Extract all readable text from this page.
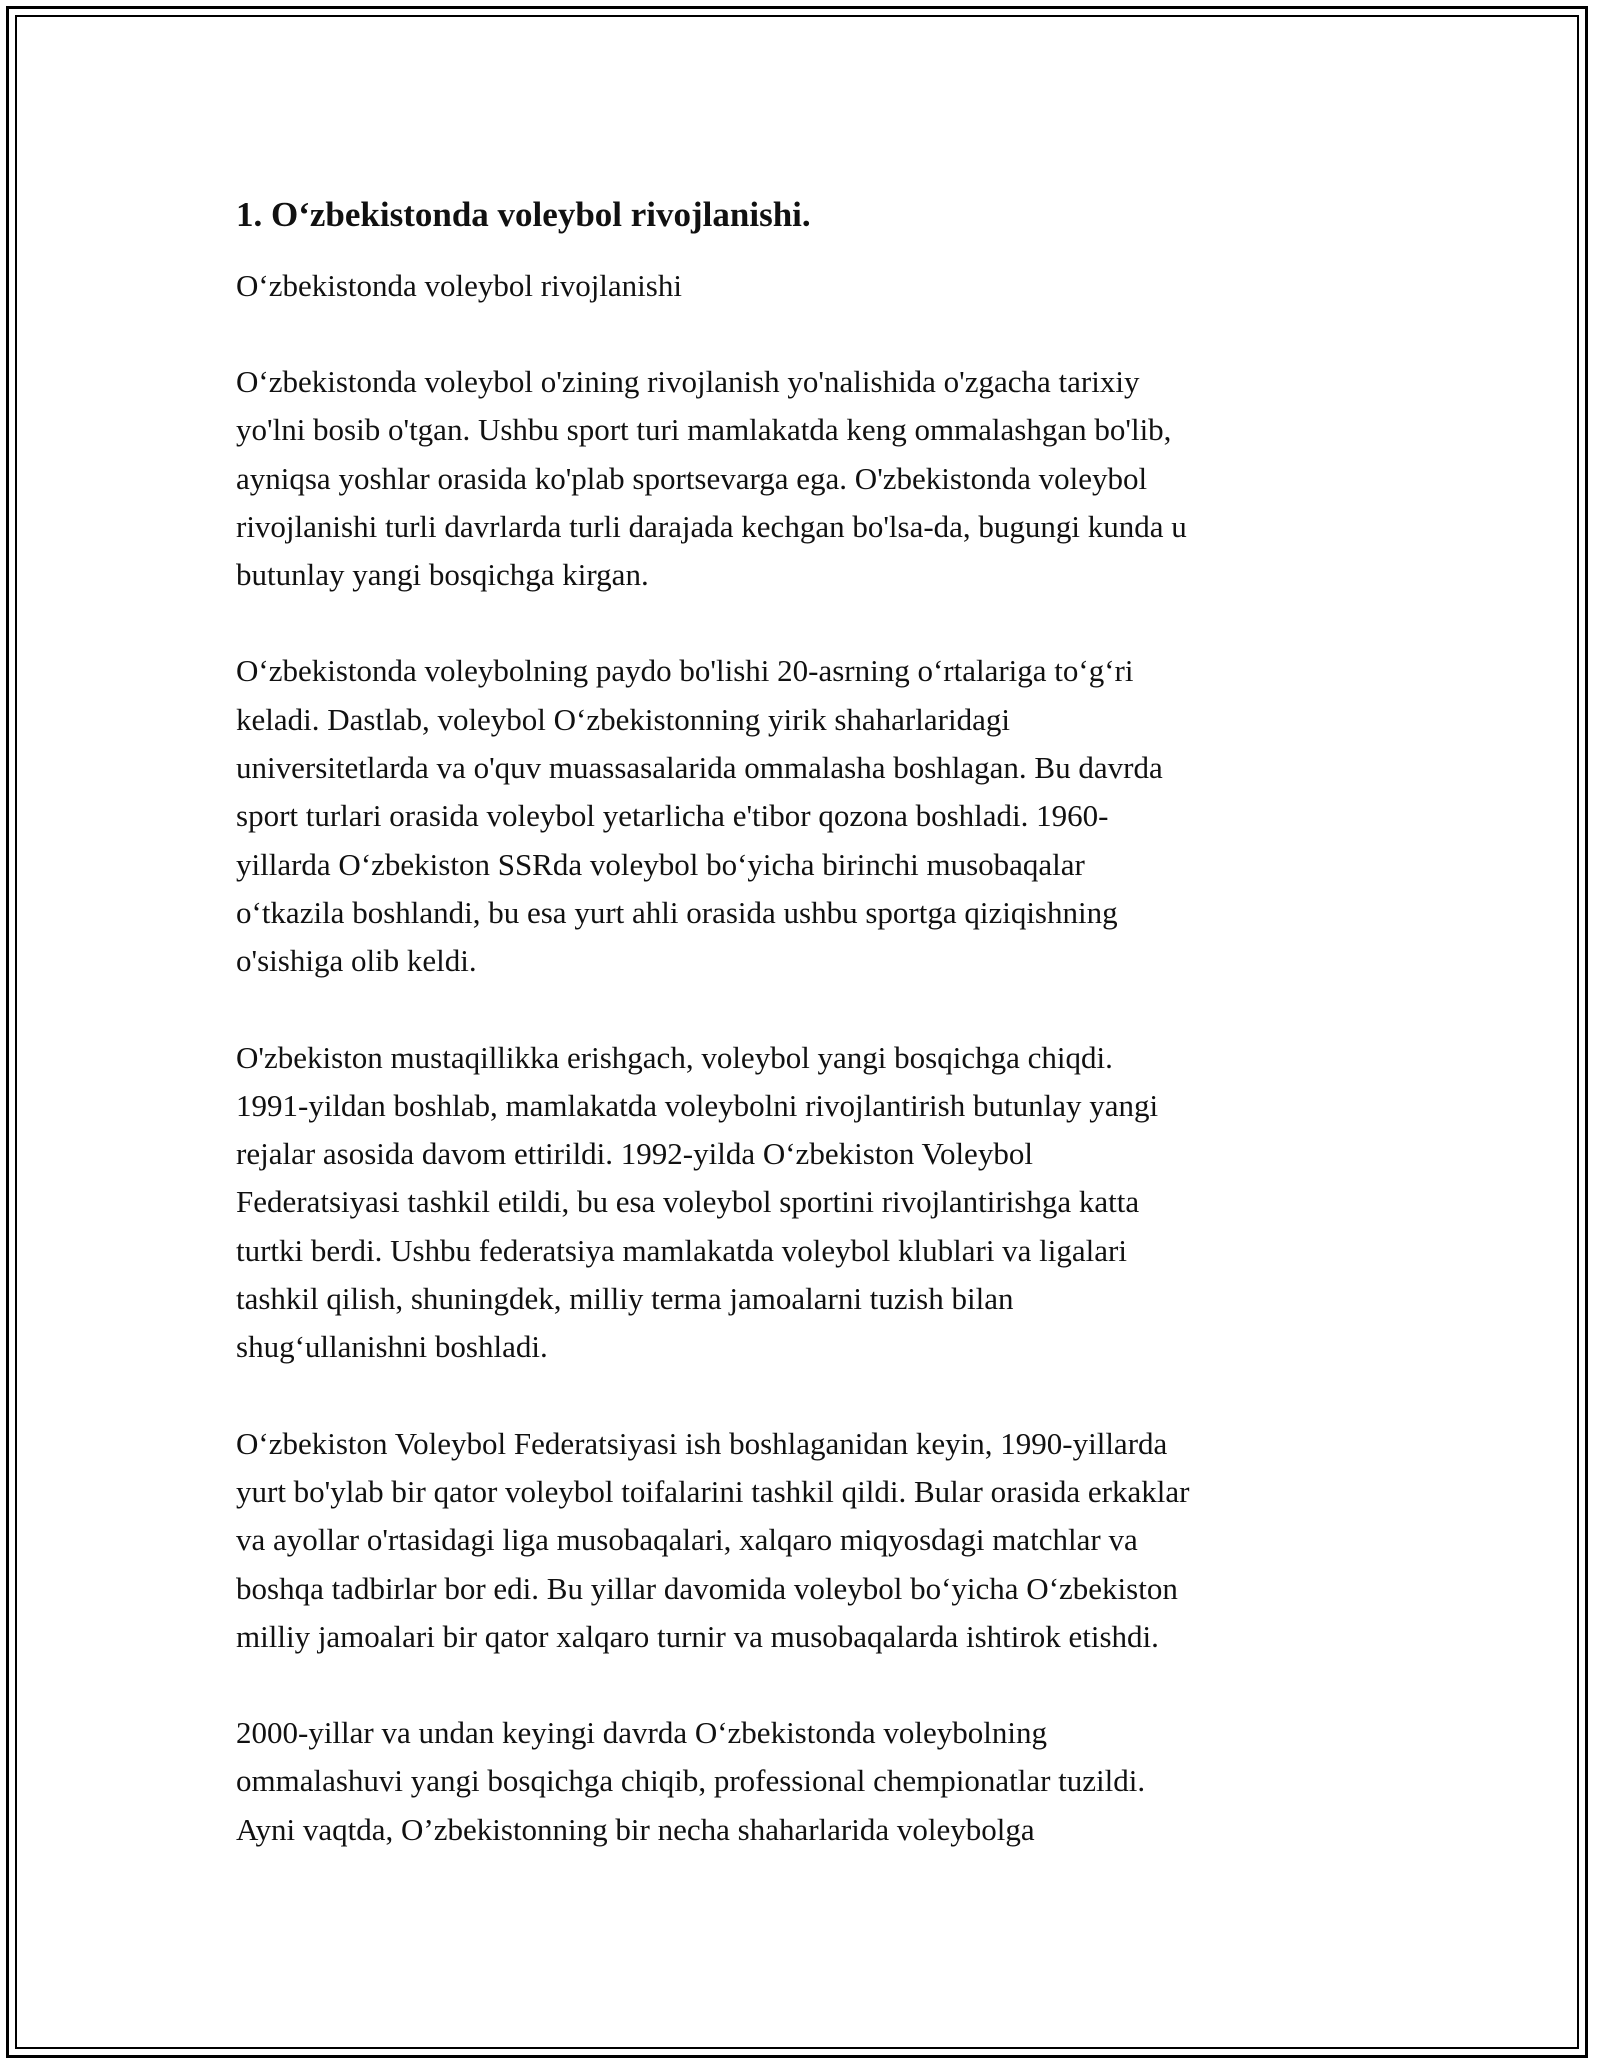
1. O‘zbekistonda voleybol rivojlanishi.
O‘zbekistonda voleybol rivojlanishi
O‘zbekistonda voleybol o'zining rivojlanish yo'nalishida o'zgacha tarixiy
yo'lni bosib o'tgan. Ushbu sport turi mamlakatda keng ommalashgan bo'lib,
ayniqsa yoshlar orasida ko'plab sportsevarga ega. O'zbekistonda voleybol
rivojlanishi turli davrlarda turli darajada kechgan bo'lsa-da, bugungi kunda u
butunlay yangi bosqichga kirgan.
O‘zbekistonda voleybolning paydo bo'lishi 20-asrning o‘rtalariga to‘g‘ri
keladi. Dastlab, voleybol O‘zbekistonning yirik shaharlaridagi
universitetlarda va o'quv muassasalarida ommalasha boshlagan. Bu davrda
sport turlari orasida voleybol yetarlicha e'tibor qozona boshladi. 1960-
yillarda O‘zbekiston SSRda voleybol bo‘yicha birinchi musobaqalar
o‘tkazila boshlandi, bu esa yurt ahli orasida ushbu sportga qiziqishning
o'sishiga olib keldi.
O'zbekiston mustaqillikka erishgach, voleybol yangi bosqichga chiqdi.
1991-yildan boshlab, mamlakatda voleybolni rivojlantirish butunlay yangi
rejalar asosida davom ettirildi. 1992-yilda O‘zbekiston Voleybol
Federatsiyasi tashkil etildi, bu esa voleybol sportini rivojlantirishga katta
turtki berdi. Ushbu federatsiya mamlakatda voleybol klublari va ligalari
tashkil qilish, shuningdek, milliy terma jamoalarni tuzish bilan
shug‘ullanishni boshladi.
O‘zbekiston Voleybol Federatsiyasi ish boshlaganidan keyin, 1990-yillarda
yurt bo'ylab bir qator voleybol toifalarini tashkil qildi. Bular orasida erkaklar
va ayollar o'rtasidagi liga musobaqalari, xalqaro miqyosdagi matchlar va
boshqa tadbirlar bor edi. Bu yillar davomida voleybol bo‘yicha O‘zbekiston
milliy jamoalari bir qator xalqaro turnir va musobaqalarda ishtirok etishdi.
2000-yillar va undan keyingi davrda O‘zbekistonda voleybolning
ommalashuvi yangi bosqichga chiqib, professional chempionatlar tuzildi.
Ayni vaqtda, O’zbekistonning bir necha shaharlarida voleybolga
